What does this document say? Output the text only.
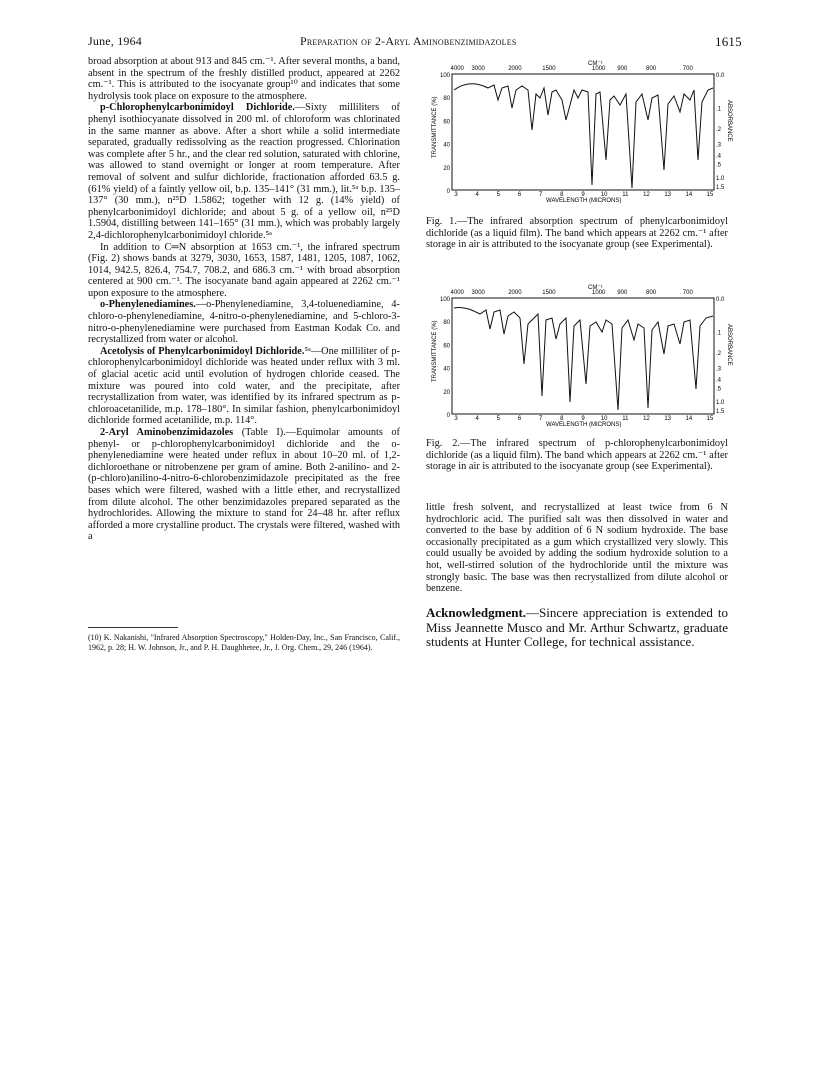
June, 1964	Preparation of 2-Aryl Aminobenzimidazoles	1615

broad absorption at about 913 and 845 cm.⁻¹. After several months, a band, absent in the spectrum of the freshly distilled product, appeared at 2262 cm.⁻¹. This is attributed to the isocyanate group¹⁰ and indicates that some hydrolysis took place on exposure to the atmosphere.

p-Chlorophenylcarbonimidoyl Dichloride.—Sixty milliliters of phenyl isothiocyanate dissolved in 200 ml. of chloroform was chlorinated in the same manner as above. After a short while a solid intermediate separated, gradually redissolving as the reaction progressed. Chlorination was complete after 5 hr., and the clear red solution, saturated with chlorine, was allowed to stand overnight or longer at room temperature. After removal of solvent and sulfur dichloride, fractionation afforded 63.5 g. (61% yield) of a faintly yellow oil, b.p. 135–141° (31 mm.), lit.⁵ᵃ b.p. 135–137° (30 mm.), n²⁵D 1.5862; together with 12 g. (14% yield) of phenylcarbonimidoyl dichloride; and about 5 g. of a yellow oil, n²⁵D 1.5904, distilling between 141–165° (31 mm.), which was probably largely 2,4-dichlorophenylcarbonimidoyl chloride.⁵ᵃ

In addition to C═N absorption at 1653 cm.⁻¹, the infrared spectrum (Fig. 2) shows bands at 3279, 3030, 1653, 1587, 1481, 1205, 1087, 1062, 1014, 942.5, 826.4, 754.7, 708.2, and 686.3 cm.⁻¹ with broad absorption centered at 900 cm.⁻¹. The isocyanate band again appeared at 2262 cm.⁻¹ upon exposure to the atmosphere.

o-Phenylenediamines.—o-Phenylenediamine, 3,4-toluenediamine, 4-chloro-o-phenylenediamine, 4-nitro-o-phenylenediamine, and 5-chloro-3-nitro-o-phenylenediamine were purchased from Eastman Kodak Co. and recrystallized from water or alcohol.

Acetolysis of Phenylcarbonimidoyl Dichloride.⁵ᵃ—One milliliter of p-chlorophenylcarbonimidoyl dichloride was heated under reflux with 3 ml. of glacial acetic acid until evolution of hydrogen chloride ceased. The mixture was poured into cold water, and the precipitate, after recrystallization from water, was identified by its infrared spectrum as p-chloroacetanilide, m.p. 178–180°. In similar fashion, phenylcarbonimidoyl dichloride formed acetanilide, m.p. 114°.

2-Aryl Aminobenzimidazoles (Table I).—Equimolar amounts of phenyl- or p-chlorophenylcarbonimidoyl dichloride and the o-phenylenediamine were heated under reflux in about 10–20 ml. of 1,2-dichloroethane or nitrobenzene per gram of amine. Both 2-anilino- and 2-(p-chloro)anilino-4-nitro-6-chlorobenzimidazole precipitated as the free bases which were filtered, washed with a little ether, and recrystallized from dilute alcohol. The other benzimidazoles prepared separated as the hydrochlorides. Allowing the mixture to stand for 24–48 hr. after reflux afforded a more crystalline product. The crystals were filtered, washed with a

(10) K. Nakanishi, "Infrared Absorption Spectroscopy," Holden-Day, Inc., San Francisco, Calif., 1962, p. 28; H. W. Johnson, Jr., and P. H. Daughhetee, Jr., J. Org. Chem., 29, 246 (1964).
4000 3000	2000	1500	1000 900	800	700
3	4	5	6	7	8	9	10 11 12 13 14 15
100
80
60
40
20
0
0.0
.1
.2
.3
.4
.5
1.0
1.5
CM⁻¹
WAVELENGTH (MICRONS)
TRANSMITTANCE (%)	ABSORBANCE
Fig. 1.—The infrared absorption spectrum of phenylcarbonimidoyl dichloride (as a liquid film). The band which appears at 2262 cm.⁻¹ after storage in air is attributed to the isocyanate group (see Experimental).
4000 3000	2000	1500	1000 900	800	700
3	4	5	6	7	8	9	10 11 12 13 14 15
100
80
60
40
20
0
0.0
.1
.2
.3
.4
.5
1.0
1.5
CM⁻¹
WAVELENGTH (MICRONS)
TRANSMITTANCE (%)	ABSORBANCE
Fig. 2.—The infrared spectrum of p-chlorophenylcarbonimidoyl dichloride (as a liquid film). The band which appears at 2262 cm.⁻¹ after storage in air is attributed to the isocyanate group (see Experimental).

little fresh solvent, and recrystallized at least twice from 6 N hydrochloric acid. The purified salt was then dissolved in water and converted to the base by addition of 6 N sodium hydroxide. The base occasionally precipitated as a gum which crystallized very slowly. This could usually be avoided by adding the sodium hydroxide solution to a hot, well-stirred solution of the hydrochloride until the mixture was strongly basic. The base was then recrystallized from dilute alcohol or benzene.

Acknowledgment.—Sincere appreciation is extended to Miss Jeannette Musco and Mr. Arthur Schwartz, graduate students at Hunter College, for technical assistance.
